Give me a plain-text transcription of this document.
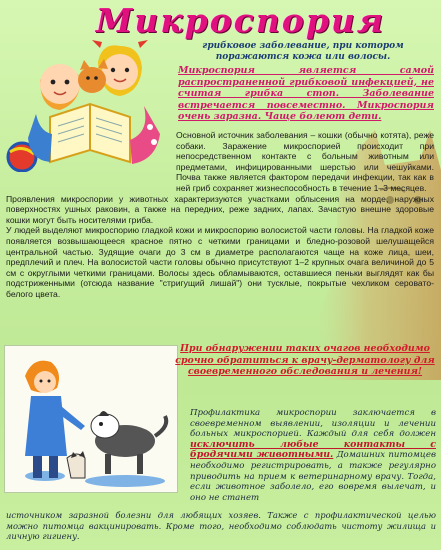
Микроспория
грибковое заболевание, при котором поражаются кожа или волосы.
Микроспория является самой распространенной грибковой инфекцией, не считая грибка стоп. Заболевание встречается повсеместно. Микроспория очень заразна. Чаще болеют дети.

Основной источник заболевания – кошки (обычно котята), реже собаки. Заражение микроспорией происходит при непосредственном контакте с больным животным или предметами, инфицированными шерстью или чешуйками. Почва также является фактором передачи инфекции, так как в ней гриб сохраняет жизнеспособность в течение 1–3 месяцев.

Проявления микроспории у животных характеризуются участками облысения на морде, наружных поверхностях ушных раковин, а также на передних, реже задних, лапах. Зачастую внешне здоровые кошки могут быть носителями гриба.

У людей выделяют микроспорию гладкой кожи и микроспорию волосистой части головы. На гладкой коже появляется возвышающееся красное пятно с четкими границами и бледно-розовой шелушащейся центральной частью. Зудящие очаги до 3 см в диаметре располагаются чаще на коже лица, шеи, предплечий и плеч. На волосистой части головы обычно присутствуют 1–2 крупных очага величиной до 5 см с округлыми четкими границами. Волосы здесь обламываются, оставшиеся пеньки выглядят как бы подстриженными (отсюда название "стригущий лишай") они тусклые, покрытые чехликом серовато-белого цвета.

При обнаружении таких очагов необходимо срочно обратиться к врачу-дерматологу для своевременного обследования и лечения!
Профилактика микроспории заключается в своевременном выявлении, изоляции и лечении больных микроспорией. Каждый для себя должен исключить любые контакты с бродячими животными. Домашних питомцев необходимо регистрировать, а также регулярно приводить на прием к ветеринарному врачу. Тогда, если животное заболело, его вовремя вылечат, и оно не станет
источником заразной болезни для любящих хозяев. Также с профилактической целью можно питомца вакцинировать. Кроме того, необходимо соблюдать чистоту жилища и личную гигиену.
